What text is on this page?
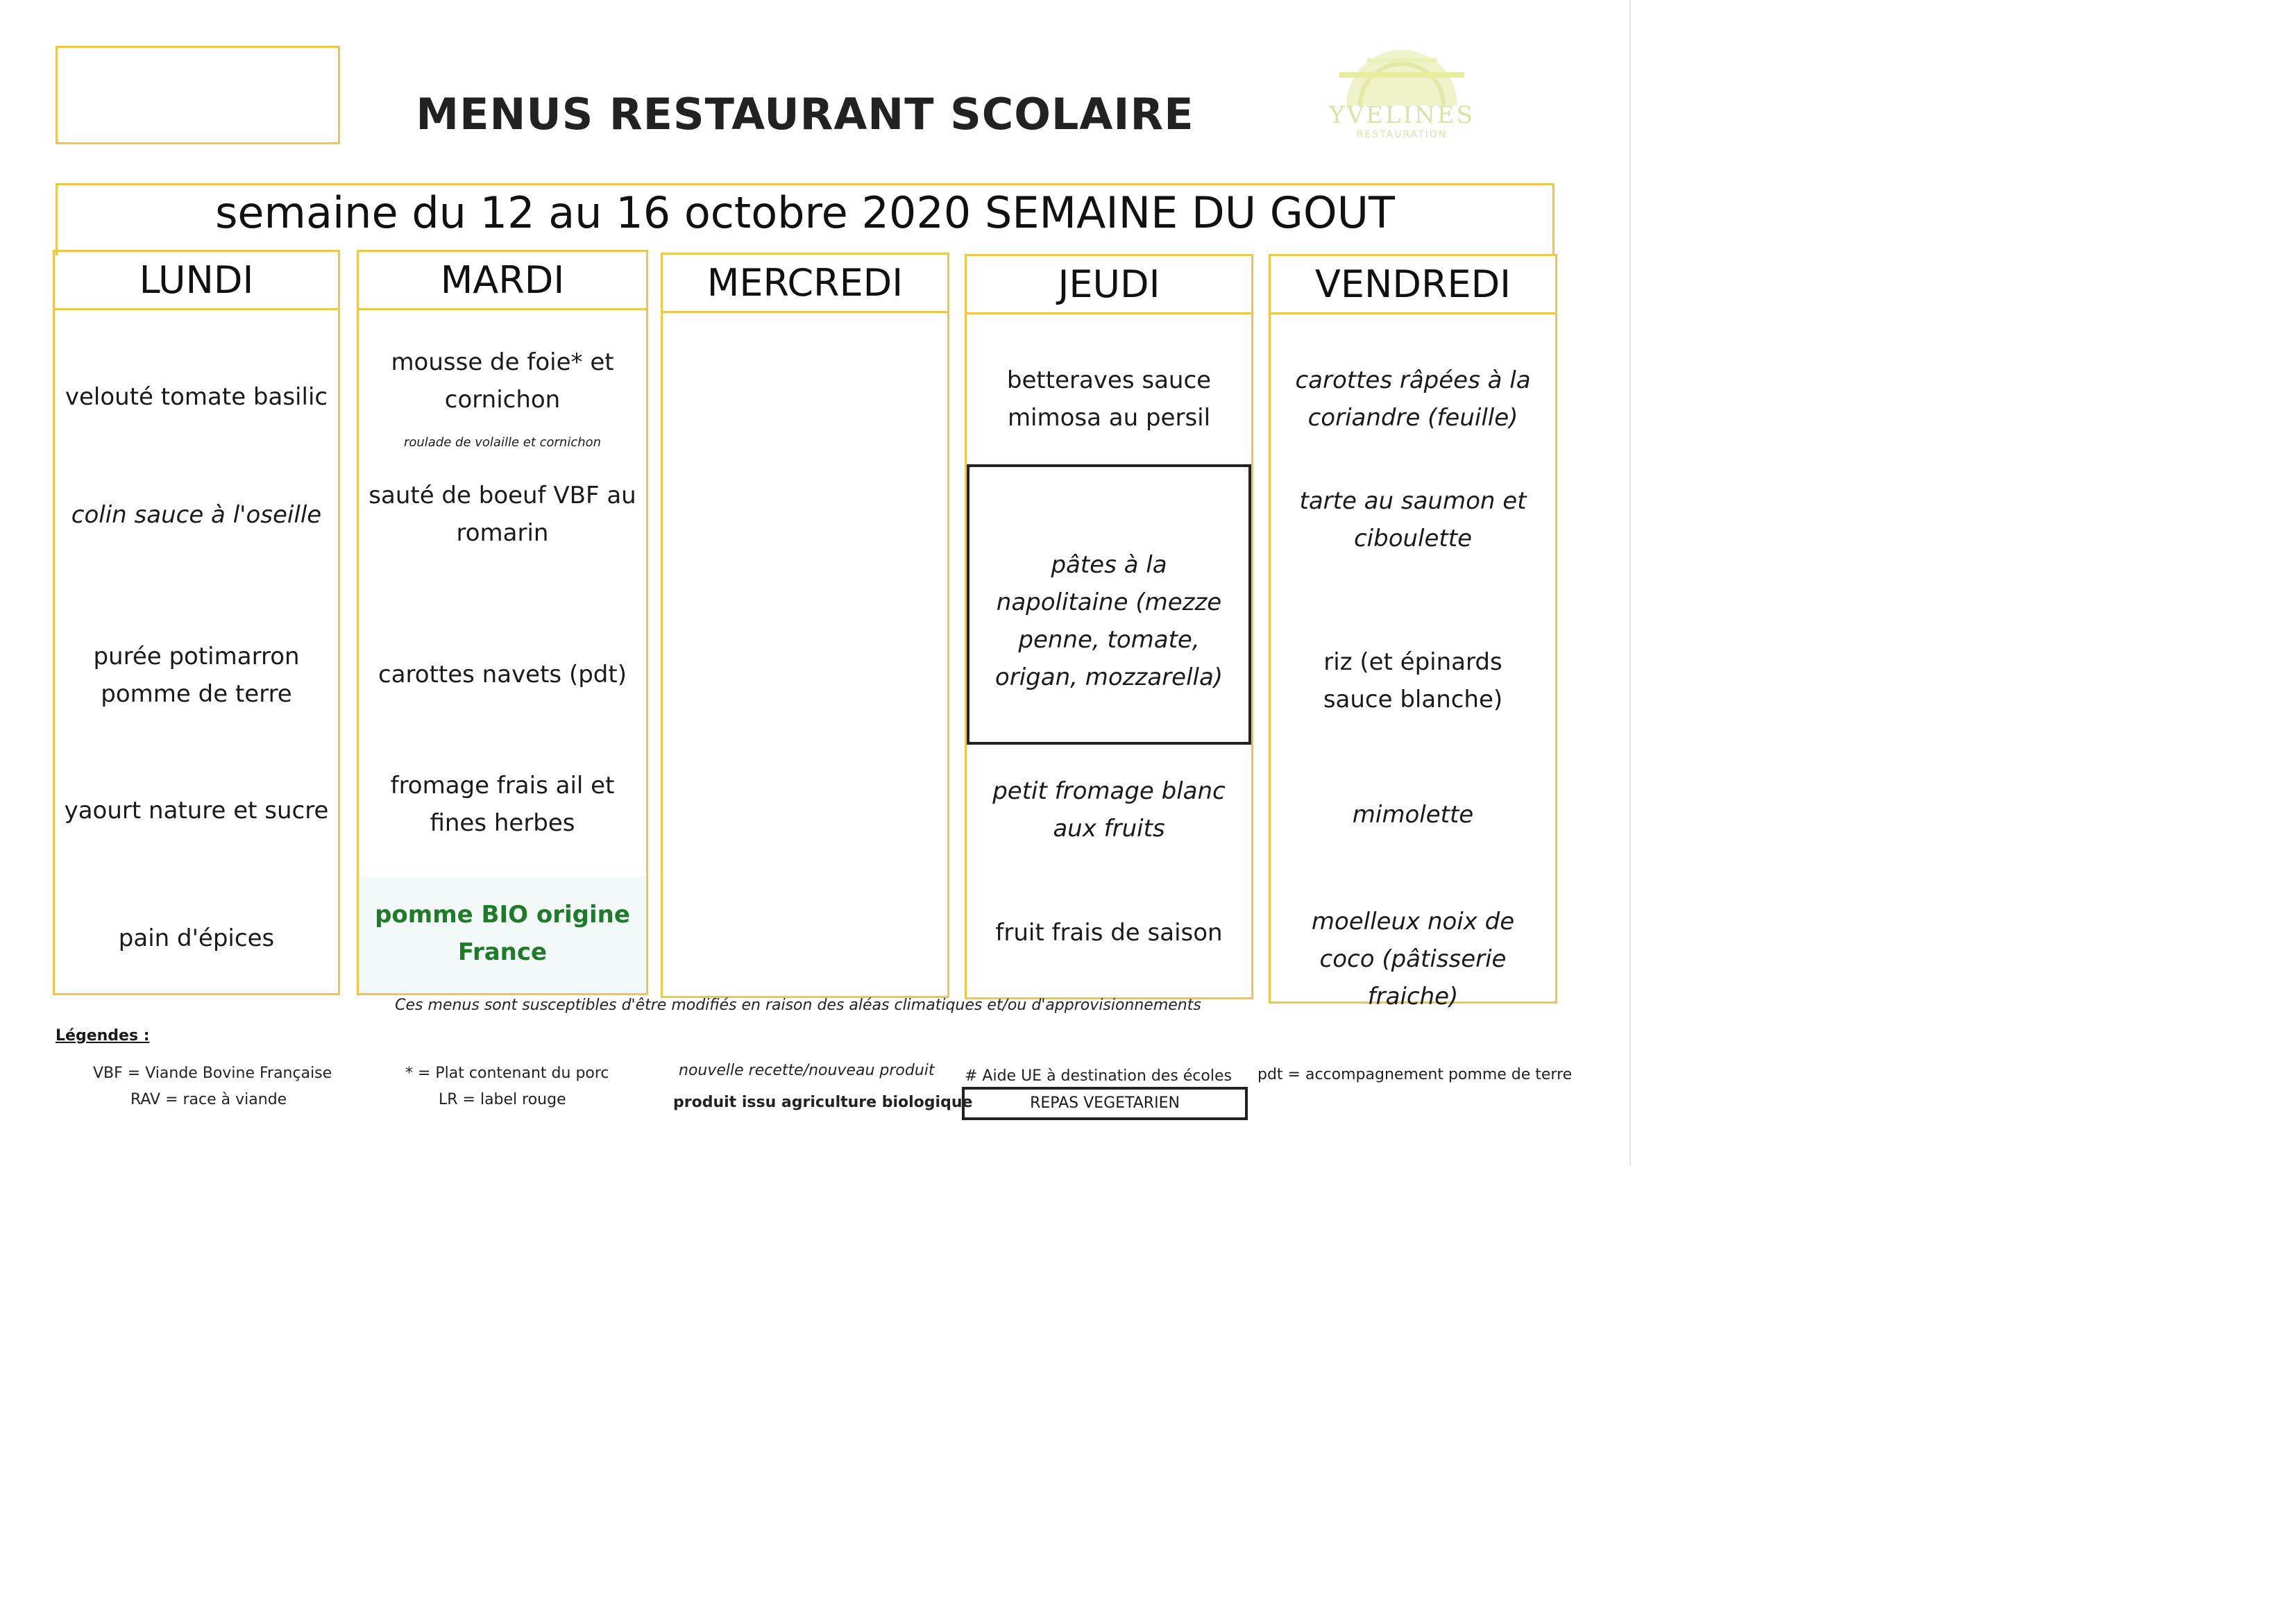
MENUS RESTAURANT SCOLAIRE	YVELINES
RESTAURATION
semaine du 12 au 16 octobre 2020 SEMAINE DU GOUT
LUNDI
velouté tomate basilic
colin sauce à l'oseille
purée potimarron pomme de terre
yaourt nature et sucre
pain d'épices
MARDI
mousse de foie* et cornichon
roulade de volaille et cornichon
sauté de boeuf VBF au romarin
carottes navets (pdt)
fromage frais ail et fines herbes
pomme BIO origine France
MERCREDI	JEUDI
betteraves sauce mimosa au persil
pâtes à la napolitaine (mezze penne, tomate, origan, mozzarella)
petit fromage blanc aux fruits
fruit frais de saison
VENDREDI
carottes râpées à la coriandre (feuille)
tarte au saumon et ciboulette
riz (et épinards sauce blanche)
mimolette
moelleux noix de coco (pâtisserie fraiche)
Ces menus sont susceptibles d'être modifiés en raison des aléas climatiques et/ou d'approvisionnements
Légendes :
VBF = Viande Bovine Française
RAV = race à viande
* = Plat contenant du porc
LR = label rouge
nouvelle recette/nouveau produit
produit issu agriculture biologique
# Aide UE à destination des écoles
REPAS VEGETARIEN
pdt = accompagnement pomme de terre
